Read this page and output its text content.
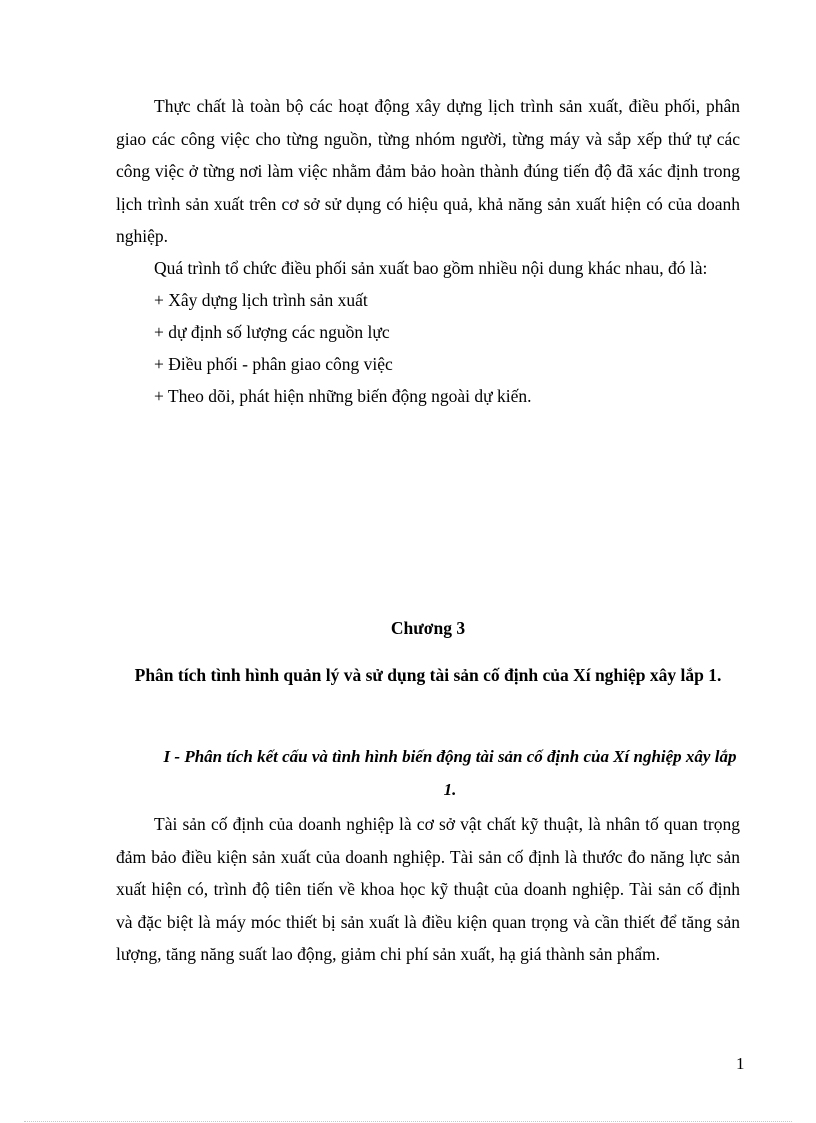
Thực chất là toàn bộ các hoạt động xây dựng lịch trình sản xuất, điều phối, phân giao các công việc cho từng nguồn, từng nhóm người, từng máy và sắp xếp thứ tự các công việc ở từng nơi làm việc nhằm đảm bảo hoàn thành đúng tiến độ đã xác định trong lịch trình sản xuất trên cơ sở sử dụng có hiệu quả, khả năng sản xuất hiện có của doanh nghiệp.

Quá trình tổ chức điều phối sản xuất bao gồm nhiều nội dung khác nhau, đó là:

+ Xây dựng lịch trình sản xuất

+ dự định số lượng các nguồn lực

+ Điều phối - phân giao công việc

+ Theo dõi, phát hiện những biến động ngoài dự kiến.

Chương 3

Phân tích tình hình quản lý và sử dụng tài sản cố định của Xí nghiệp xây lắp 1.

I - Phân tích kết cấu và tình hình biến động tài sản cố định của Xí nghiệp xây lắp 1.

Tài sản cố định của doanh nghiệp là cơ sở vật chất kỹ thuật, là nhân tố quan trọng đảm bảo điều kiện sản xuất của doanh nghiệp. Tài sản cố định là thước đo năng lực sản xuất hiện có, trình độ tiên tiến về khoa học kỹ thuật của doanh nghiệp. Tài sản cố định và đặc biệt là máy móc thiết bị sản xuất là điều kiện quan trọng và cần thiết để tăng sản lượng, tăng năng suất lao động, giảm chi phí sản xuất, hạ giá thành sản phẩm.

1
